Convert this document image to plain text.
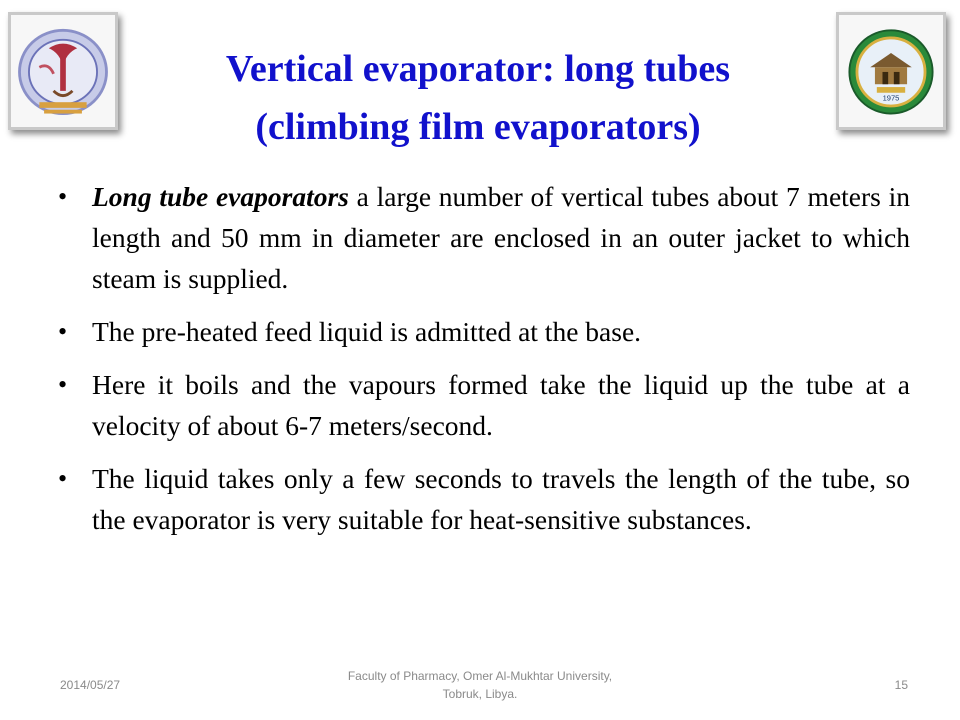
1975
Vertical evaporator: long tubes
(climbing film evaporators)
• Long tube evaporators a large number of vertical tubes about 7 meters in length and 50 mm in diameter are enclosed in an outer jacket to which steam is supplied.
• The pre-heated feed liquid is admitted at the base.
• Here it boils and the vapours formed take the liquid up the tube at a velocity of about 6-7 meters/second.
• The liquid takes only a few seconds to travels the length of the tube, so the evaporator is very suitable for heat-sensitive substances.
2014/05/27
Faculty of Pharmacy, Omer Al-Mukhtar University,
Tobruk, Libya.
15
